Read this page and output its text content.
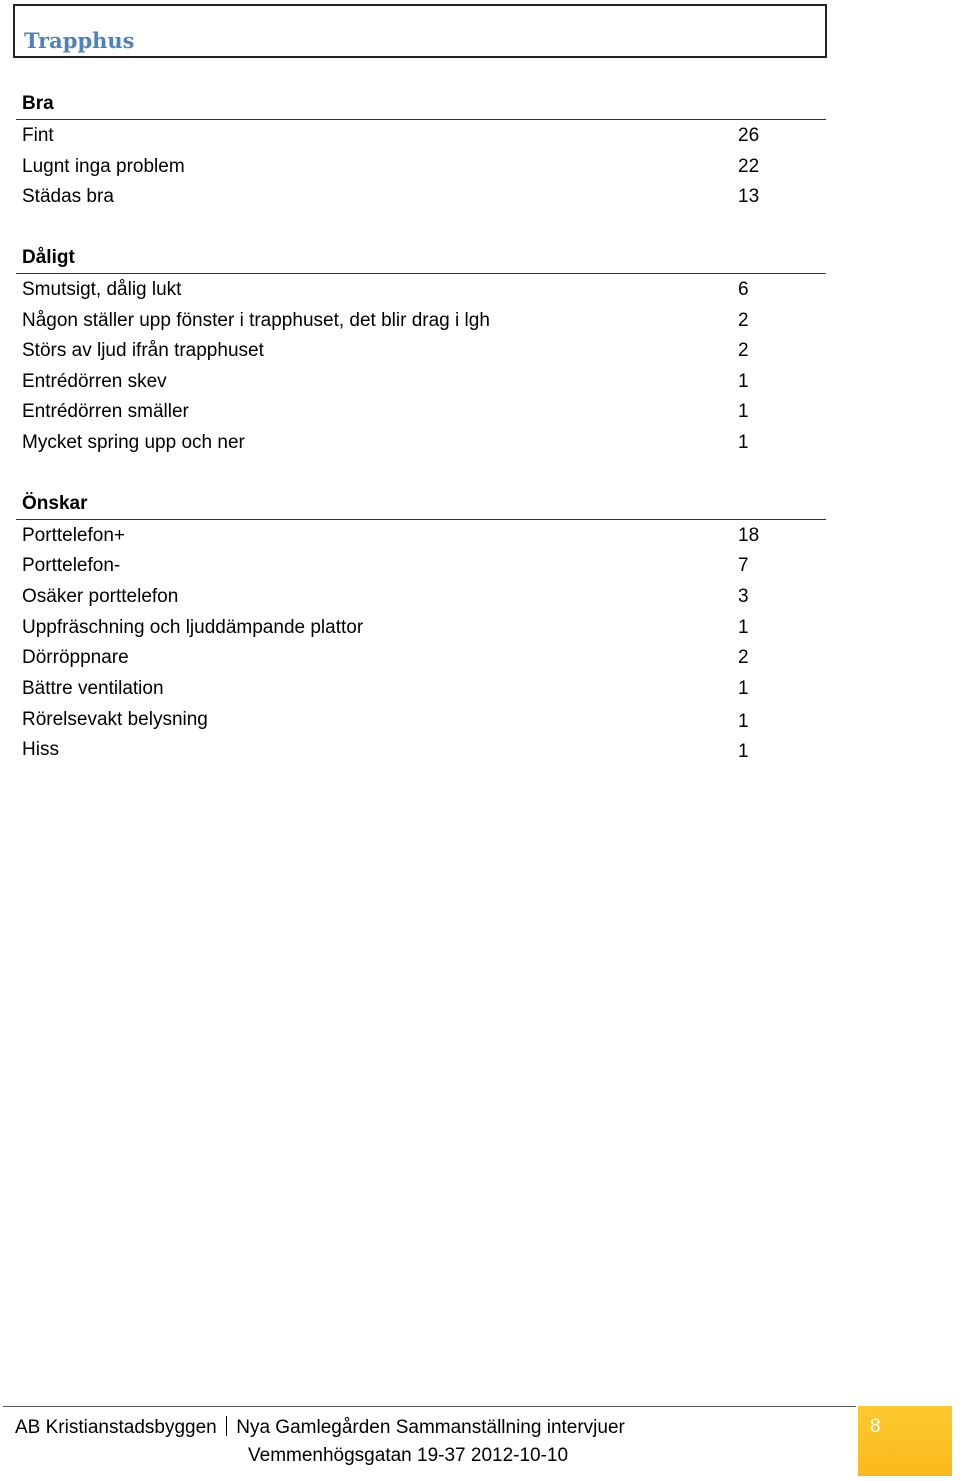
Trapphus
Bra
Fint	26
Lugnt inga problem	22
Städas bra	13
Dåligt
Smutsigt, dålig lukt	6
Någon ställer upp fönster i trapphuset, det blir drag i lgh	2
Störs av ljud ifrån trapphuset	2
Entrédörren skev	1
Entrédörren smäller	1
Mycket spring upp och ner	1
Önskar
Porttelefon+	18
Porttelefon-	7
Osäker porttelefon	3
Uppfräschning och ljuddämpande plattor	1
Dörröppnare	2
Bättre ventilation	1
Rörelsevakt belysning	1
Hiss	1
AB Kristianstadsbyggen Nya Gamlegården Sammanställning intervjuer
Vemmenhögsgatan 19-37 2012-10-10
8
